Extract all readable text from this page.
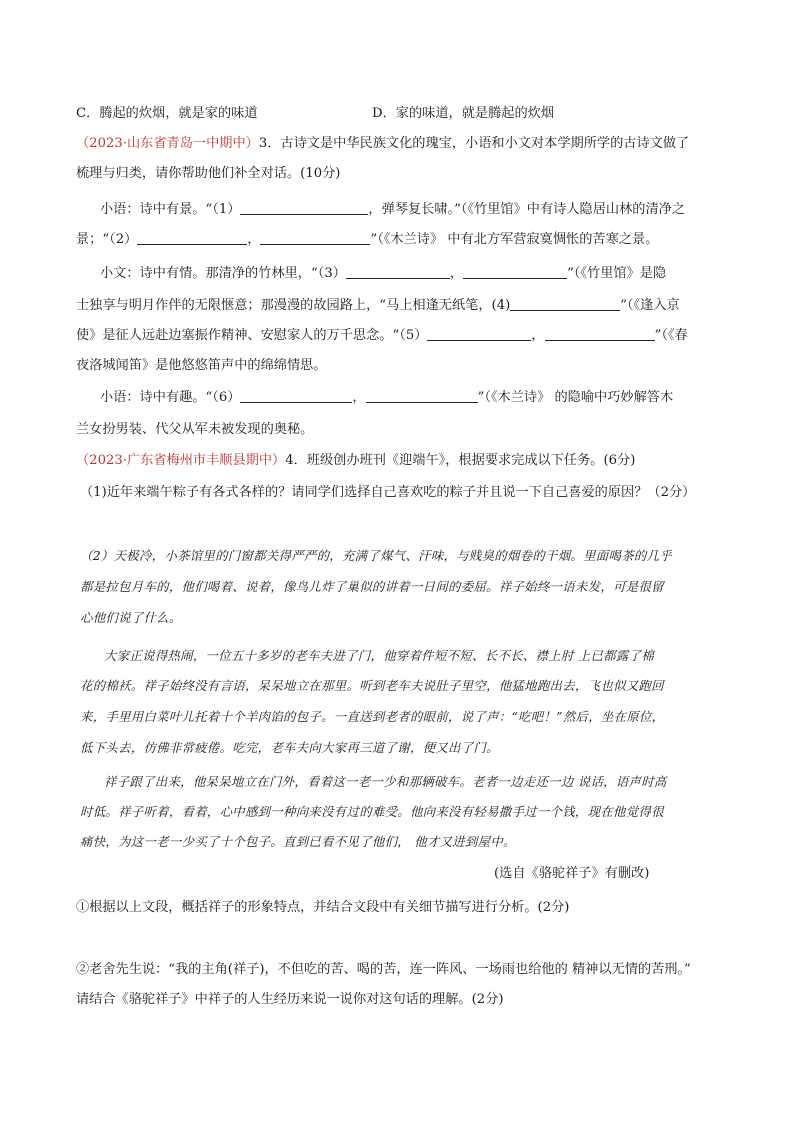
C．腾起的炊烟，就是家的味道	D．家的味道，就是腾起的炊烟
（2023·山东省青岛一中期中）3．古诗文是中华民族文化的瑰宝，小语和小文对本学期所学的古诗文做了
梳理与归类，请你帮助他们补全对话。(10分)
小语：诗中有景。“（1）	，弹琴复长啸。”（《竹里馆》中有诗人隐居山林的清净之
景；“（2）	，	”（《木兰诗》 中有北方军营寂寞惆怅的苦寒之景。
小文：诗中有情。那清净的竹林里，“（3）	，	”（《竹里馆》是隐
士独享与明月作伴的无限惬意；那漫漫的故园路上，“马上相逢无纸笔，(4)	”（《逢入京
使》是征人远赴边塞振作精神、安慰家人的万千思念。“（5）	，	”（《春
夜洛城闻笛》是他悠悠笛声中的绵绵情思。
小语：诗中有趣。“（6）	，	”（《木兰诗》 的隐喻中巧妙解答木
兰女扮男装、代父从军未被发现的奥秘。
（2023·广东省梅州市丰顺县期中）4．班级创办班刊《迎端午》，根据要求完成以下任务。(6分)
（1)近年来端午粽子有各式各样的？请同学们选择自己喜欢吃的粽子并且说一下自己喜爱的原因？（2分）
（2）天极冷，小茶馆里的门窗都关得严严的，充满了煤气、汗味，与贱臭的烟卷的干烟。里面喝茶的几乎
都是拉包月车的，他们喝着、说着，像鸟儿炸了巢似的讲着一日间的委屈。祥子始终一语未发，可是很留
心他们说了什么。
大家正说得热闹，一位五十多岁的老车夫进了门，他穿着件短不短、长不长、襟上肘 上已都露了棉
花的棉袄。祥子始终没有言语，呆呆地立在那里。听到老车夫说肚子里空，他猛地跑出去，飞也似又跑回
来，手里用白菜叶儿托着十个羊肉馅的包子。一直送到老者的眼前，说了声：“吃吧！”然后，坐在原位，
低下头去，仿佛非常疲倦。吃完，老车夫向大家再三道了谢，便又出了门。
祥子跟了出来，他呆呆地立在门外，看着这一老一少和那辆破车。老者一边走还一边 说话，语声时高
时低。祥子听着，看着，心中感到一种向来没有过的难受。他向来没有轻易撒手过一个钱，现在他觉得很
痛快，为这一老一少买了十个包子。直到已看不见了他们， 他才又进到屋中。
(选自《骆驼祥子》有删改)
①根据以上文段，概括祥子的形象特点，并结合文段中有关细节描写进行分析。(2分)
②老舍先生说：“我的主角(祥子)，不但吃的苦、喝的苦，连一阵风、一场雨也给他的 精神以无情的苦刑。”
请结合《骆驼祥子》中祥子的人生经历来说一说你对这句话的理解。(2分)
